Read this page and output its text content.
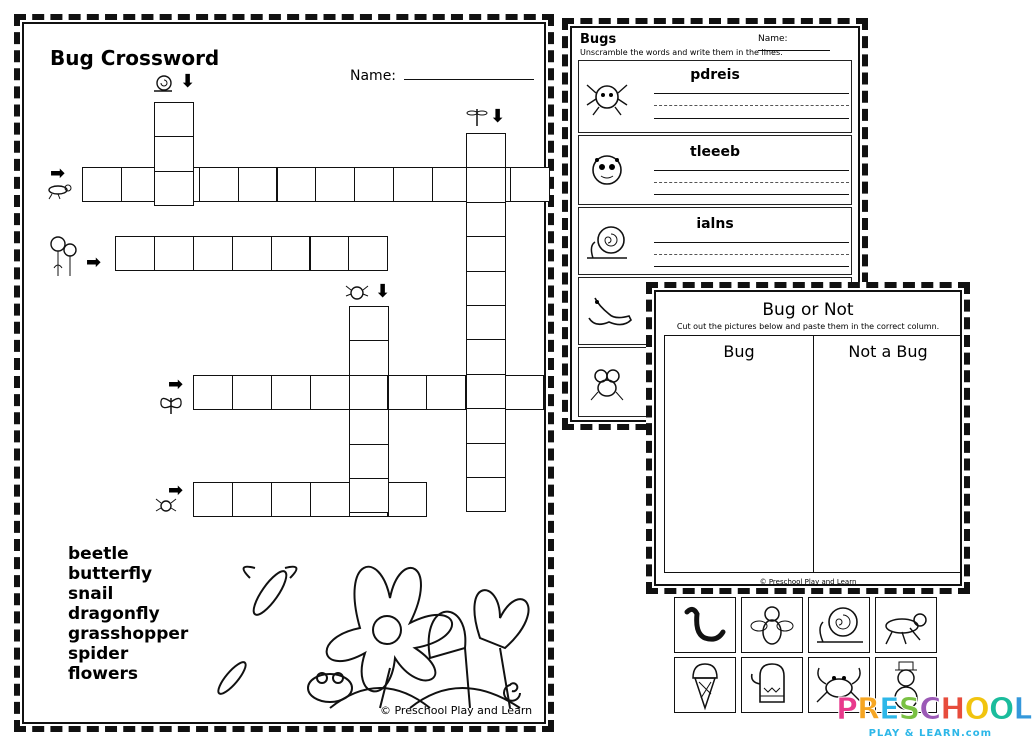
Bug Crossword
Name:
⬇
⬇
➡
➡
⬇
➡
➡
beetle
butterfly
snail
dragonfly
grasshopper
spider
flowers
© Preschool Play and Learn
Bugs	Name:
Unscramble the words and write them in the lines.
pdreis
tleeeb
ialns
Bug or Not
Cut out the pictures below and paste them in the correct column.
Bug	Not a Bug
© Preschool Play and Learn
PRESCHOOL
PLAY & LEARN.com
